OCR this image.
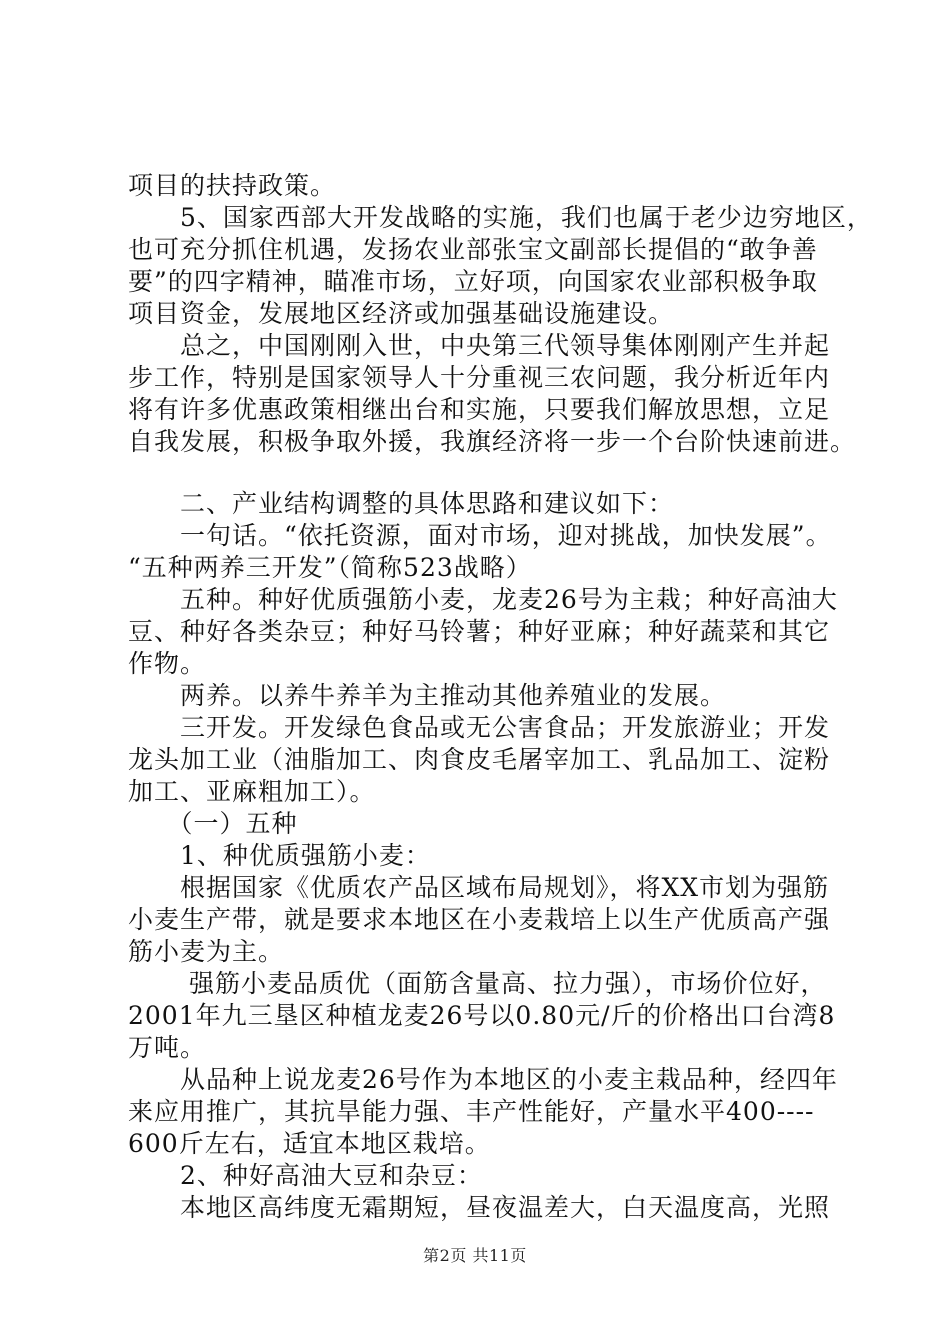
项目的扶持政策。
　　5、国家西部大开发战略的实施，我们也属于老少边穷地区，
也可充分抓住机遇，发扬农业部张宝文副部长提倡的“敢争善
要”的四字精神，瞄准市场，立好项，向国家农业部积极争取
项目资金，发展地区经济或加强基础设施建设。
　　总之，中国刚刚入世，中央第三代领导集体刚刚产生并起
步工作，特别是国家领导人十分重视三农问题，我分析近年内
将有许多优惠政策相继出台和实施，只要我们解放思想，立足
自我发展，积极争取外援，我旗经济将一步一个台阶快速前进。
　　二、产业结构调整的具体思路和建议如下：
　　一句话。“依托资源，面对市场，迎对挑战，加快发展”。
“五种两养三开发”（简称523战略）
　　五种。种好优质强筋小麦，龙麦26号为主栽；种好高油大
豆、种好各类杂豆；种好马铃薯；种好亚麻；种好蔬菜和其它
作物。
　　两养。以养牛养羊为主推动其他养殖业的发展。
　　三开发。开发绿色食品或无公害食品；开发旅游业；开发
龙头加工业（油脂加工、肉食皮毛屠宰加工、乳品加工、淀粉
加工、亚麻粗加工）。
　　（一）五种
　　1、种优质强筋小麦：
　　根据国家《优质农产品区域布局规划》，将XX市划为强筋
小麦生产带，就是要求本地区在小麦栽培上以生产优质高产强
筋小麦为主。
　　 强筋小麦品质优（面筋含量高、拉力强），市场价位好，
2001年九三垦区种植龙麦26号以0.80元/斤的价格出口台湾8
万吨。
　　从品种上说龙麦26号作为本地区的小麦主栽品种，经四年
来应用推广，其抗旱能力强、丰产性能好，产量水平400----
600斤左右，适宜本地区栽培。
　　2、种好高油大豆和杂豆：
　　本地区高纬度无霜期短，昼夜温差大，白天温度高，光照
第2页 共11页
